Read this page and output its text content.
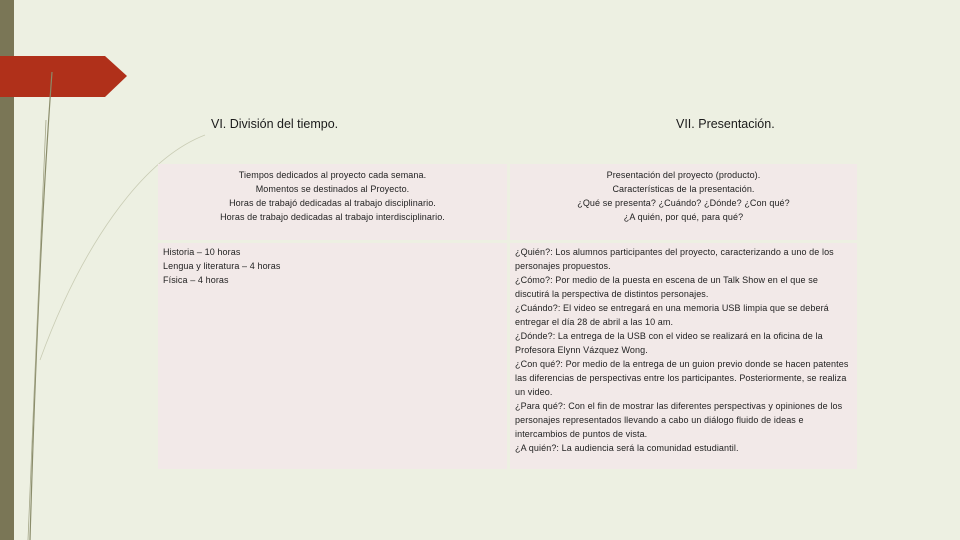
VI. División del tiempo.	VII. Presentación.
Tiempos dedicados al proyecto cada semana.
Momentos se destinados al Proyecto.
Horas de trabajó dedicadas al trabajo disciplinario.
Horas de trabajo dedicadas al trabajo interdisciplinario.
Presentación del proyecto (producto).
Características de la presentación.
¿Qué se presenta? ¿Cuándo? ¿Dónde? ¿Con qué?
¿A quién, por qué, para qué?
Historia – 10 horas
Lengua y literatura – 4 horas
Física – 4 horas
¿Quién?: Los alumnos participantes del proyecto, caracterizando a uno de los personajes propuestos.
¿Cómo?: Por medio de la puesta en escena de un Talk Show en el que se discutirá la perspectiva de distintos personajes.
¿Cuándo?: El video se entregará en una memoria USB limpia que se deberá entregar el día 28 de abril a las 10 am.
¿Dónde?: La entrega de la USB con el video se realizará en la oficina de la Profesora Elynn Vázquez Wong.
¿Con qué?: Por medio de la entrega de un guion previo donde se hacen patentes las diferencias de perspectivas entre los participantes. Posteriormente, se realiza un video.
¿Para qué?: Con el fin de mostrar las diferentes perspectivas y opiniones de los personajes representados llevando a cabo un diálogo fluido de ideas e intercambios de puntos de vista.
¿A quién?: La audiencia será la comunidad estudiantil.
